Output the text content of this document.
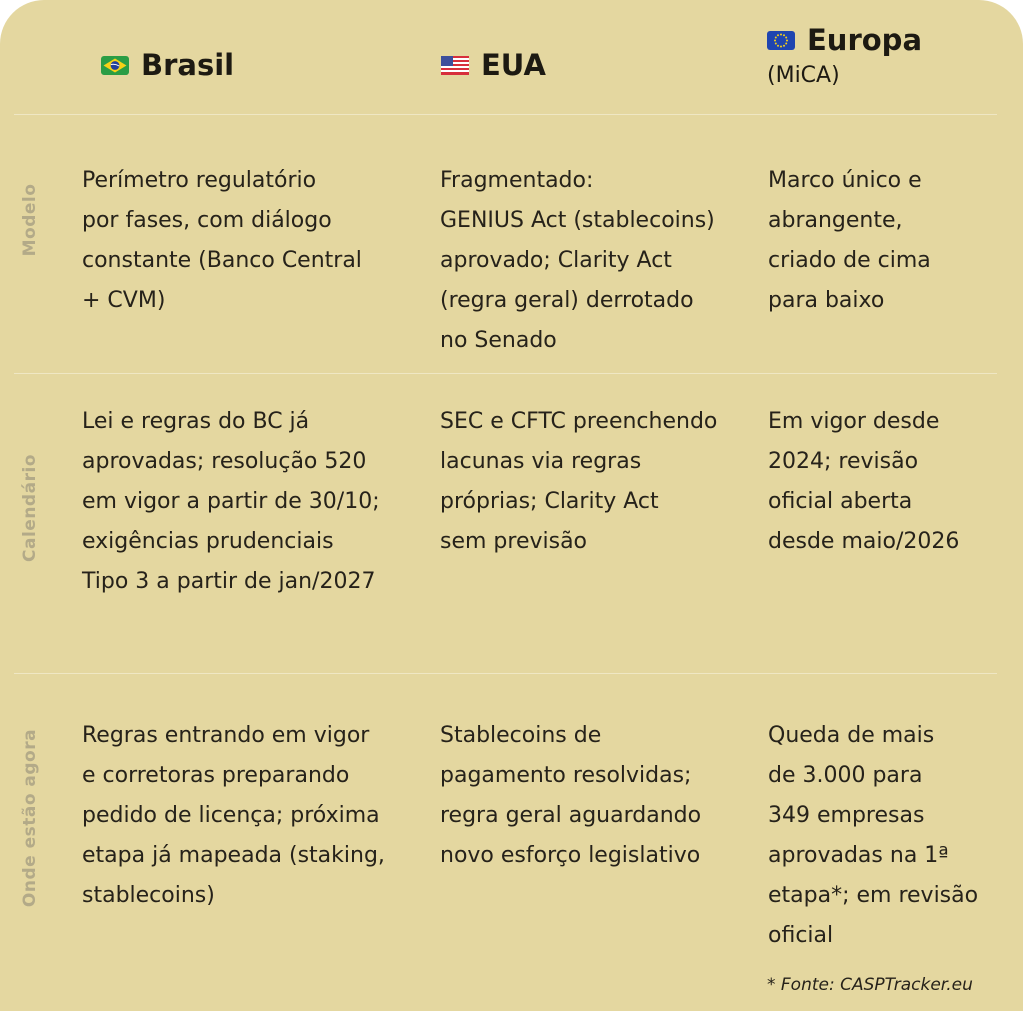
Brasil	EUA
Europa
(MiCA)
Modelo
Calendário
Onde estão agora
Perímetro regulatório
por fases, com diálogo
constante (Banco Central
+ CVM)
Fragmentado:
GENIUS Act (stablecoins)
aprovado; Clarity Act
(regra geral) derrotado
no Senado
Marco único e
abrangente,
criado de cima
para baixo
Lei e regras do BC já
aprovadas; resolução 520
em vigor a partir de 30/10;
exigências prudenciais
Tipo 3 a partir de jan/2027
SEC e CFTC preenchendo
lacunas via regras
próprias; Clarity Act
sem previsão
Em vigor desde
2024; revisão
oficial aberta
desde maio/2026
Regras entrando em vigor
e corretoras preparando
pedido de licença; próxima
etapa já mapeada (staking,
stablecoins)
Stablecoins de
pagamento resolvidas;
regra geral aguardando
novo esforço legislativo
Queda de mais
de 3.000 para
349 empresas
aprovadas na 1ª
etapa*; em revisão
oficial
* Fonte: CASPTracker.eu
